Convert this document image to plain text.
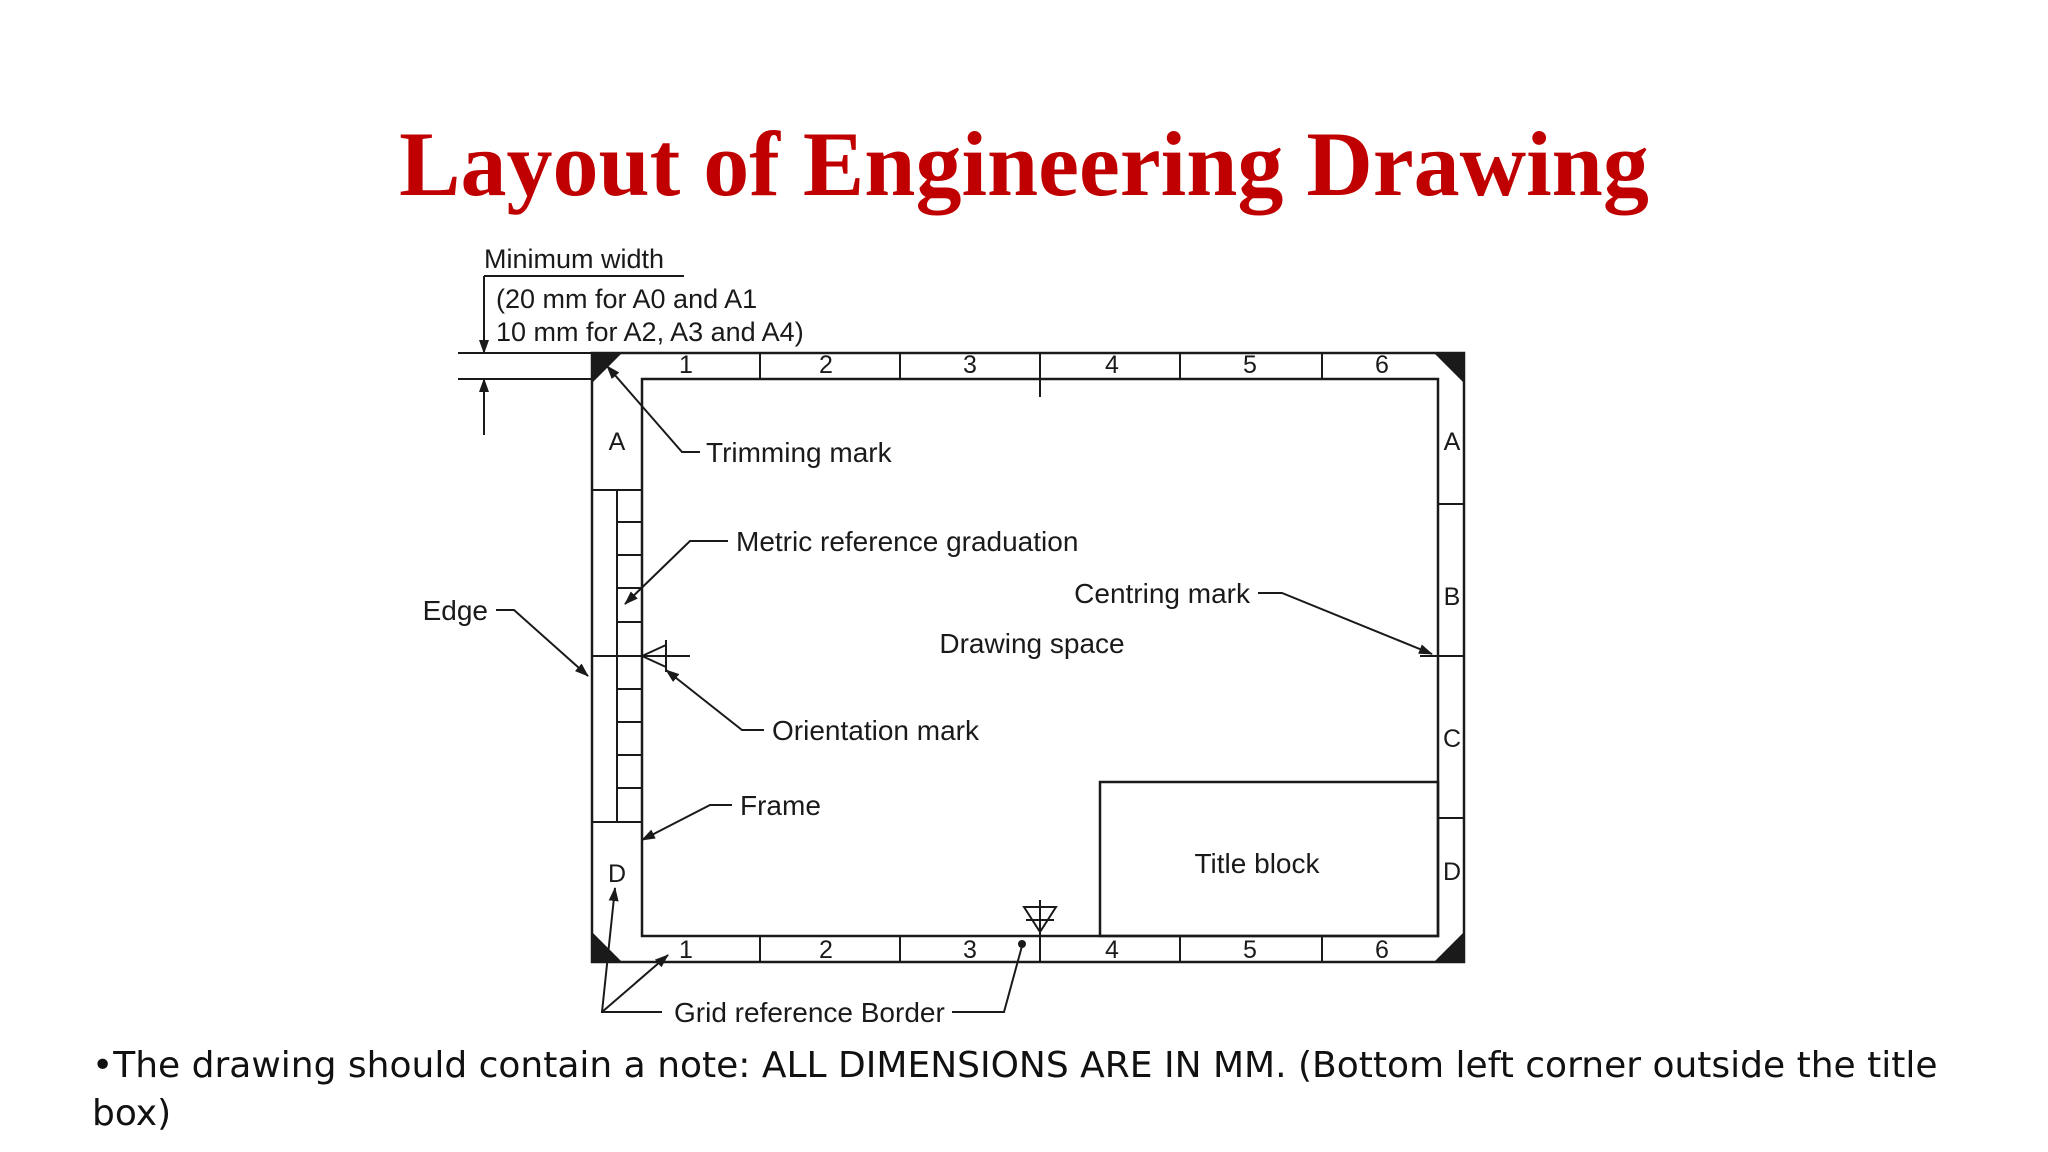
Layout of Engineering Drawing
1	2	3	4	5	6
1	2	3	4	5	6
A
D
A
B
C
D
Minimum width
(20 mm for A0 and A1
10 mm for A2, A3 and A4)
Trimming mark
Metric reference graduation
Edge
Centring mark
Drawing space
Orientation mark
Frame
Title block
Grid reference Border
•The drawing should contain a note: ALL DIMENSIONS ARE IN MM. (Bottom left corner outside the title box)
